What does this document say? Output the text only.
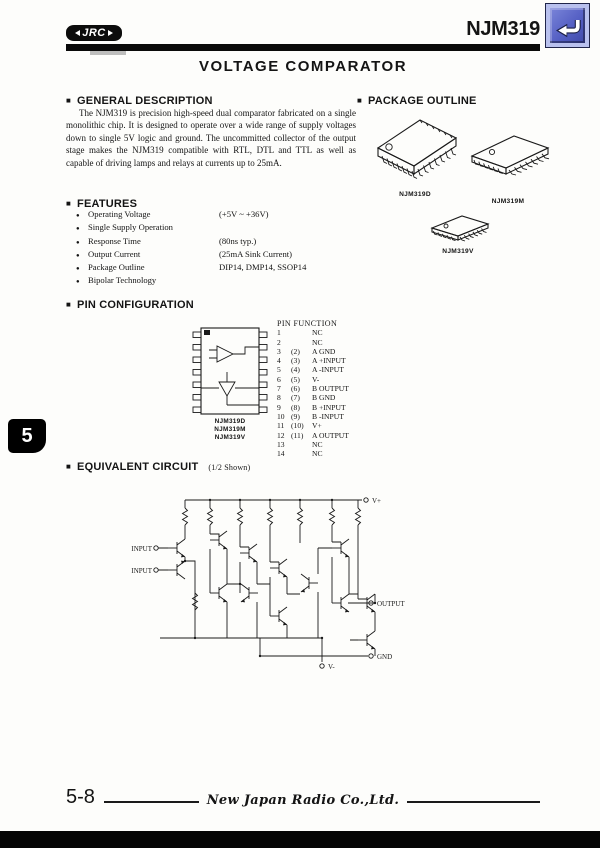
JRC	NJM319
VOLTAGE COMPARATOR
■ GENERAL DESCRIPTION
The NJM319 is precision high-speed dual comparator fabricated on a single monolithic chip. It is designed to operate over a wide range of supply voltages down to single 5V logic and ground. The uncommitted collector of the output stage makes the NJM319 compatible with RTL, DTL and TTL as well as capable of driving lamps and relays at currents up to 25mA.
■ PACKAGE OUTLINE
NJM319D
NJM319M
NJM319V
■ FEATURES
● Operating Voltage	(+5V ~ +36V)
● Single Supply Operation
● Response Time	(80ns typ.)
● Output Current	(25mA Sink Current)
● Package Outline	DIP14, DMP14, SSOP14
● Bipolar Technology
■ PIN CONFIGURATION
NJM319D
NJM319M
NJM319V
PIN FUNCTION
1	NC
2	NC
3 (2) A GND
4 (3) A +INPUT
5 (4) A -INPUT
6 (5) V-
7 (6) B OUTPUT
8 (7) B GND
9 (8) B +INPUT
10 (9) B -INPUT
11 (10) V+
12 (11) A OUTPUT
13	NC
14	NC
■ EQUIVALENT CIRCUIT (1/2 Shown)
V+
INPUT
INPUT
OUTPUT
GND
V-
5
5-8	New Japan Radio Co.,Ltd.
